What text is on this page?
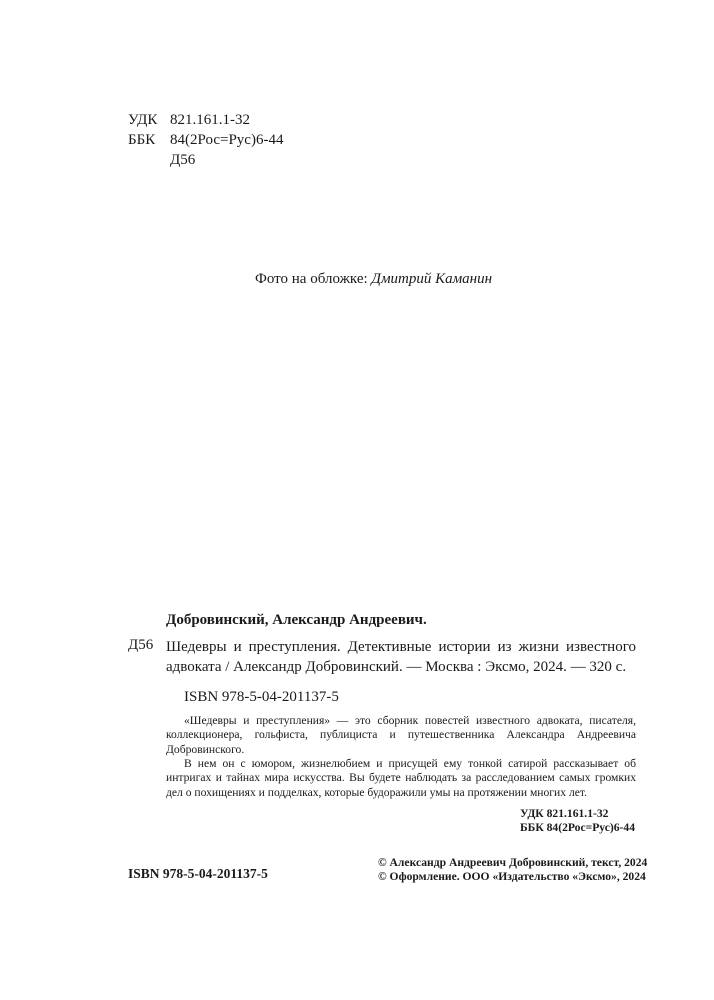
УДК 821.161.1-32
ББК 84(2Рос=Рус)6-44
Д56
Фото на обложке: Дмитрий Каманин
Добровинский, Александр Андреевич.
Д56 Шедевры и преступления. Детективные истории из жизни известного адвоката / Александр Добровинский. — Москва : Эксмо, 2024. — 320 с.
ISBN 978-5-04-201137-5
«Шедевры и преступления» — это сборник повестей известного адвоката, писателя, коллекционера, гольфиста, публициста и путешественника Александра Андреевича Добровинского.
В нем он с юмором, жизнелюбием и присущей ему тонкой сатирой рассказывает об интригах и тайнах мира искусства. Вы будете наблюдать за расследованием самых громких дел о похищениях и подделках, которые будоражили умы на протяжении многих лет.
УДК 821.161.1-32
ББК 84(2Рос=Рус)6-44
ISBN 978-5-04-201137-5
© Александр Андреевич Добровинский, текст, 2024
© Оформление. ООО «Издательство «Эксмо», 2024
